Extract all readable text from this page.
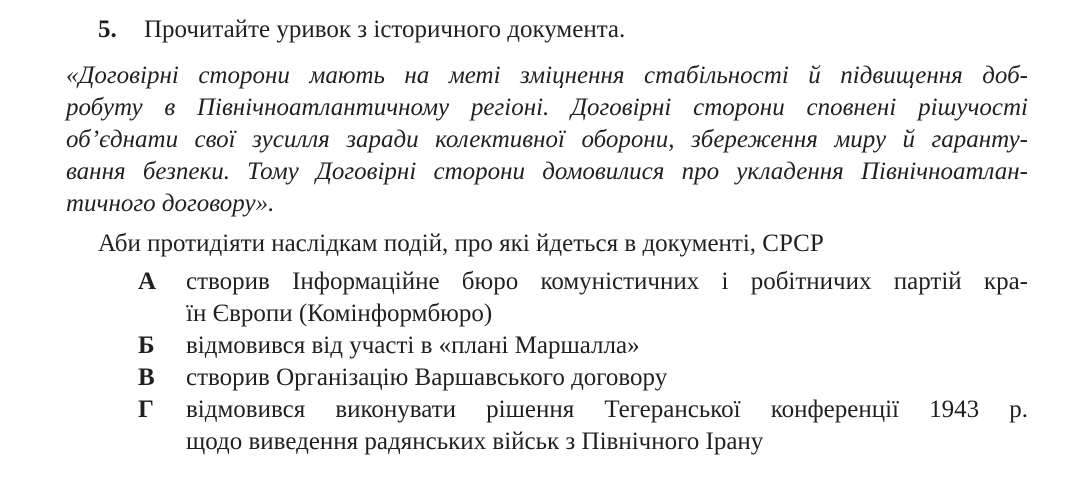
5. Прочитайте уривок з історичного документа.
«Договірні сторони мають на меті зміцнення стабільності й підвищення доб-
робуту в Північноатлантичному регіоні. Договірні сторони сповнені рішучості
об’єднати свої зусилля заради колективної оборони, збереження миру й гаранту-
вання безпеки. Тому Договірні сторони домовилися про укладення Північноатлан-
тичного договору».
Аби протидіяти наслідкам подій, про які йдеться в документі, СРСР
А	створив Інформаційне бюро комуністичних і робітничих партій кра-
їн Європи (Комінформбюро)
Б	відмовився від участі в «плані Маршалла»
В	створив Організацію Варшавського договору
Г	відмовився виконувати рішення Тегеранської конференції 1943 р.
щодо виведення радянських військ з Північного Ірану
